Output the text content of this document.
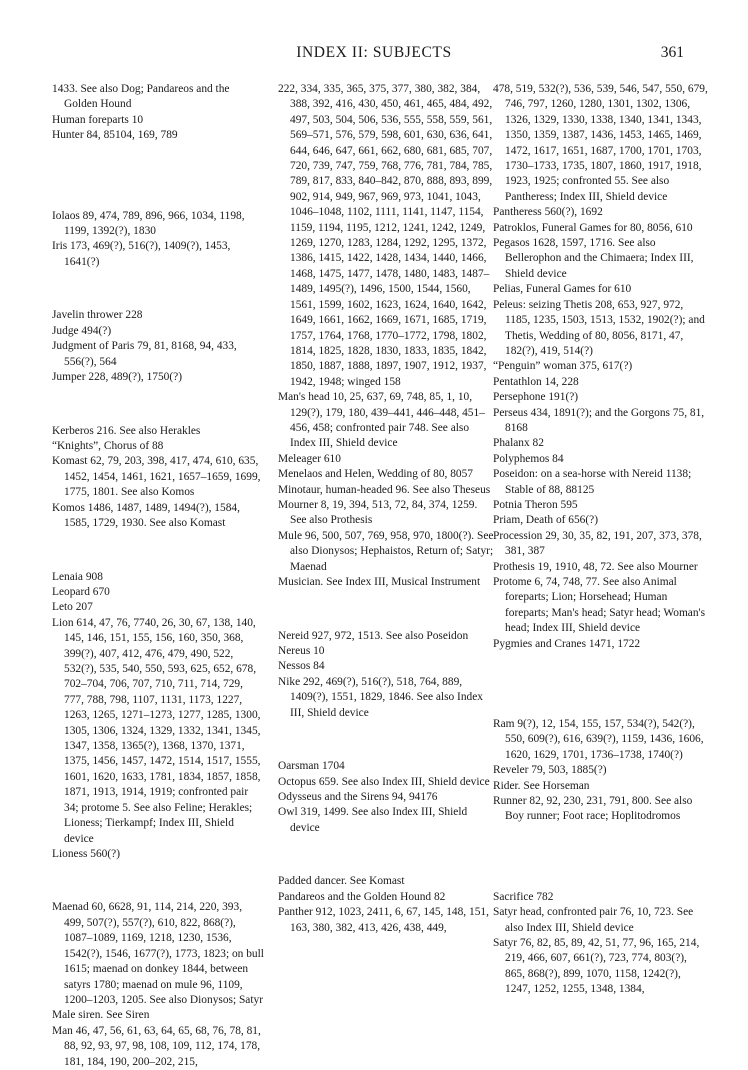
INDEX II: SUBJECTS	361

1433. See also Dog; Pandareos and the Golden Hound

Human foreparts 10

Hunter 84, 85104, 169, 789

Iolaos 89, 474, 789, 896, 966, 1034, 1198, 1199, 1392(?), 1830

Iris 173, 469(?), 516(?), 1409(?), 1453, 1641(?)

Javelin thrower 228

Judge 494(?)

Judgment of Paris 79, 81, 8168, 94, 433, 556(?), 564

Jumper 228, 489(?), 1750(?)

Kerberos 216. See also Herakles

“Knights”, Chorus of 88

Komast 62, 79, 203, 398, 417, 474, 610, 635, 1452, 1454, 1461, 1621, 1657–1659, 1699, 1775, 1801. See also Komos

Komos 1486, 1487, 1489, 1494(?), 1584, 1585, 1729, 1930. See also Komast

Lenaia 908

Leopard 670

Leto 207

Lion 614, 47, 76, 7740, 26, 30, 67, 138, 140, 145, 146, 151, 155, 156, 160, 350, 368, 399(?), 407, 412, 476, 479, 490, 522, 532(?), 535, 540, 550, 593, 625, 652, 678, 702–704, 706, 707, 710, 711, 714, 729, 777, 788, 798, 1107, 1131, 1173, 1227, 1263, 1265, 1271–1273, 1277, 1285, 1300, 1305, 1306, 1324, 1329, 1332, 1341, 1345, 1347, 1358, 1365(?), 1368, 1370, 1371, 1375, 1456, 1457, 1472, 1514, 1517, 1555, 1601, 1620, 1633, 1781, 1834, 1857, 1858, 1871, 1913, 1914, 1919; confronted pair 34; protome 5. See also Feline; Herakles; Lioness; Tierkampf; Index III, Shield device

Lioness 560(?)

Maenad 60, 6628, 91, 114, 214, 220, 393, 499, 507(?), 557(?), 610, 822, 868(?), 1087–1089, 1169, 1218, 1230, 1536, 1542(?), 1546, 1677(?), 1773, 1823; on bull 1615; maenad on donkey 1844, between satyrs 1780; maenad on mule 96, 1109, 1200–1203, 1205. See also Dionysos; Satyr

Male siren. See Siren

Man 46, 47, 56, 61, 63, 64, 65, 68, 76, 78, 81, 88, 92, 93, 97, 98, 108, 109, 112, 174, 178, 181, 184, 190, 200–202, 215,

222, 334, 335, 365, 375, 377, 380, 382, 384, 388, 392, 416, 430, 450, 461, 465, 484, 492, 497, 503, 504, 506, 536, 555, 558, 559, 561, 569–571, 576, 579, 598, 601, 630, 636, 641, 644, 646, 647, 661, 662, 680, 681, 685, 707, 720, 739, 747, 759, 768, 776, 781, 784, 785, 789, 817, 833, 840–842, 870, 888, 893, 899, 902, 914, 949, 967, 969, 973, 1041, 1043, 1046–1048, 1102, 1111, 1141, 1147, 1154, 1159, 1194, 1195, 1212, 1241, 1242, 1249, 1269, 1270, 1283, 1284, 1292, 1295, 1372, 1386, 1415, 1422, 1428, 1434, 1440, 1466, 1468, 1475, 1477, 1478, 1480, 1483, 1487–1489, 1495(?), 1496, 1500, 1544, 1560, 1561, 1599, 1602, 1623, 1624, 1640, 1642, 1649, 1661, 1662, 1669, 1671, 1685, 1719, 1757, 1764, 1768, 1770–1772, 1798, 1802, 1814, 1825, 1828, 1830, 1833, 1835, 1842, 1850, 1887, 1888, 1897, 1907, 1912, 1937, 1942, 1948; winged 158

Man's head 10, 25, 637, 69, 748, 85, 1, 10, 129(?), 179, 180, 439–441, 446–448, 451–456, 458; confronted pair 748. See also Index III, Shield device

Meleager 610

Menelaos and Helen, Wedding of 80, 8057

Minotaur, human-headed 96. See also Theseus

Mourner 8, 19, 394, 513, 72, 84, 374, 1259. See also Prothesis

Mule 96, 500, 507, 769, 958, 970, 1800(?). See also Dionysos; Hephaistos, Return of; Satyr; Maenad

Musician. See Index III, Musical Instrument

Nereid 927, 972, 1513. See also Poseidon

Nereus 10

Nessos 84

Nike 292, 469(?), 516(?), 518, 764, 889, 1409(?), 1551, 1829, 1846. See also Index III, Shield device

Oarsman 1704

Octopus 659. See also Index III, Shield device

Odysseus and the Sirens 94, 94176

Owl 319, 1499. See also Index III, Shield device

Padded dancer. See Komast

Pandareos and the Golden Hound 82

Panther 912, 1023, 2411, 6, 67, 145, 148, 151, 163, 380, 382, 413, 426, 438, 449,

478, 519, 532(?), 536, 539, 546, 547, 550, 679, 746, 797, 1260, 1280, 1301, 1302, 1306, 1326, 1329, 1330, 1338, 1340, 1341, 1343, 1350, 1359, 1387, 1436, 1453, 1465, 1469, 1472, 1617, 1651, 1687, 1700, 1701, 1703, 1730–1733, 1735, 1807, 1860, 1917, 1918, 1923, 1925; confronted 55. See also Pantheress; Index III, Shield device

Pantheress 560(?), 1692

Patroklos, Funeral Games for 80, 8056, 610

Pegasos 1628, 1597, 1716. See also Bellerophon and the Chimaera; Index III, Shield device

Pelias, Funeral Games for 610

Peleus: seizing Thetis 208, 653, 927, 972, 1185, 1235, 1503, 1513, 1532, 1902(?); and Thetis, Wedding of 80, 8056, 8171, 47, 182(?), 419, 514(?)

“Penguin” woman 375, 617(?)

Pentathlon 14, 228

Persephone 191(?)

Perseus 434, 1891(?); and the Gorgons 75, 81, 8168

Phalanx 82

Polyphemos 84

Poseidon: on a sea-horse with Nereid 1138; Stable of 88, 88125

Potnia Theron 595

Priam, Death of 656(?)

Procession 29, 30, 35, 82, 191, 207, 373, 378, 381, 387

Prothesis 19, 1910, 48, 72. See also Mourner

Protome 6, 74, 748, 77. See also Animal foreparts; Lion; Horsehead; Human foreparts; Man's head; Satyr head; Woman's head; Index III, Shield device

Pygmies and Cranes 1471, 1722

Ram 9(?), 12, 154, 155, 157, 534(?), 542(?), 550, 609(?), 616, 639(?), 1159, 1436, 1606, 1620, 1629, 1701, 1736–1738, 1740(?)

Reveler 79, 503, 1885(?)

Rider. See Horseman

Runner 82, 92, 230, 231, 791, 800. See also Boy runner; Foot race; Hoplitodromos

Sacrifice 782

Satyr head, confronted pair 76, 10, 723. See also Index III, Shield device

Satyr 76, 82, 85, 89, 42, 51, 77, 96, 165, 214, 219, 466, 607, 661(?), 723, 774, 803(?), 865, 868(?), 899, 1070, 1158, 1242(?), 1247, 1252, 1255, 1348, 1384,
